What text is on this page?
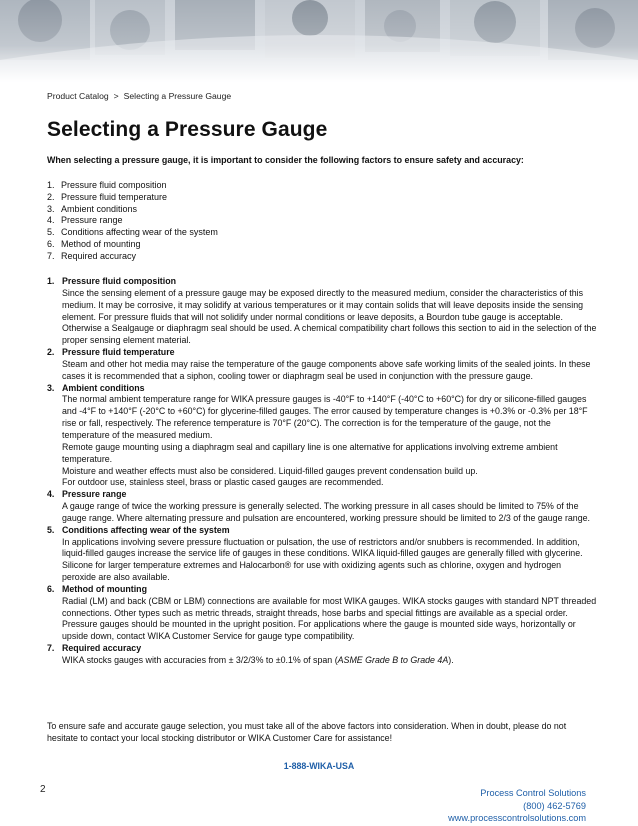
Product Catalog > Selecting a Pressure Gauge
Selecting a Pressure Gauge

When selecting a pressure gauge, it is important to consider the following factors to ensure safety and accuracy:

1. Pressure fluid composition
2. Pressure fluid temperature
3. Ambient conditions
4. Pressure range
5. Conditions affecting wear of the system
6. Method of mounting
7. Required accuracy
1. Pressure fluid composition

Since the sensing element of a pressure gauge may be exposed directly to the measured medium, consider the characteristics of this medium. It may be corrosive, it may solidify at various temperatures or it may contain solids that will leave deposits inside the sensing element. For pressure fluids that will not solidify under normal conditions or leave deposits, a Bourdon tube gauge is acceptable. Otherwise a Sealgauge or diaphragm seal should be used. A chemical compatibility chart follows this section to aid in the selection of the proper sensing element material.

2. Pressure fluid temperature

Steam and other hot media may raise the temperature of the gauge components above safe working limits of the sealed joints. In these cases it is recommended that a siphon, cooling tower or diaphragm seal be used in conjunction with the pressure gauge.

3. Ambient conditions

The normal ambient temperature range for WIKA pressure gauges is -40°F to +140°F (-40°C to +60°C) for dry or silicone-filled gauges and -4°F to +140°F (-20°C to +60°C) for glycerine-filled gauges. The error caused by temperature changes is +0.3% or -0.3% per 18°F rise or fall, respectively. The reference temperature is 70°F (20°C). The correction is for the temperature of the gauge, not the temperature of the measured medium.

Remote gauge mounting using a diaphragm seal and capillary line is one alternative for applications involving extreme ambient temperature.

Moisture and weather effects must also be considered. Liquid-filled gauges prevent condensation build up.

For outdoor use, stainless steel, brass or plastic cased gauges are recommended.

4. Pressure range

A gauge range of twice the working pressure is generally selected. The working pressure in all cases should be limited to 75% of the gauge range. Where alternating pressure and pulsation are encountered, working pressure should be limited to 2/3 of the gauge range.

5. Conditions affecting wear of the system

In applications involving severe pressure fluctuation or pulsation, the use of restrictors and/or snubbers is recommended. In addition, liquid-filled gauges increase the service life of gauges in these conditions. WIKA liquid-filled gauges are generally filled with glycerine. Silicone for larger temperature extremes and Halocarbon® for use with oxidizing agents such as chlorine, oxygen and hydrogen peroxide are also available.

6. Method of mounting

Radial (LM) and back (CBM or LBM) connections are available for most WIKA gauges. WIKA stocks gauges with standard NPT threaded connections. Other types such as metric threads, straight threads, hose barbs and special fittings are available as a special order.

Pressure gauges should be mounted in the upright position. For applications where the gauge is mounted side ways, horizontally or upside down, contact WIKA Customer Service for gauge type compatibility.

7. Required accuracy

WIKA stocks gauges with accuracies from ± 3/2/3% to ±0.1% of span (ASME Grade B to Grade 4A).

To ensure safe and accurate gauge selection, you must take all of the above factors into consideration. When in doubt, please do not hesitate to contact your local stocking distributor or WIKA Customer Care for assistance!

1-888-WIKA-USA
2	Process Control Solutions
(800) 462-5769
www.processcontrolsolutions.com
